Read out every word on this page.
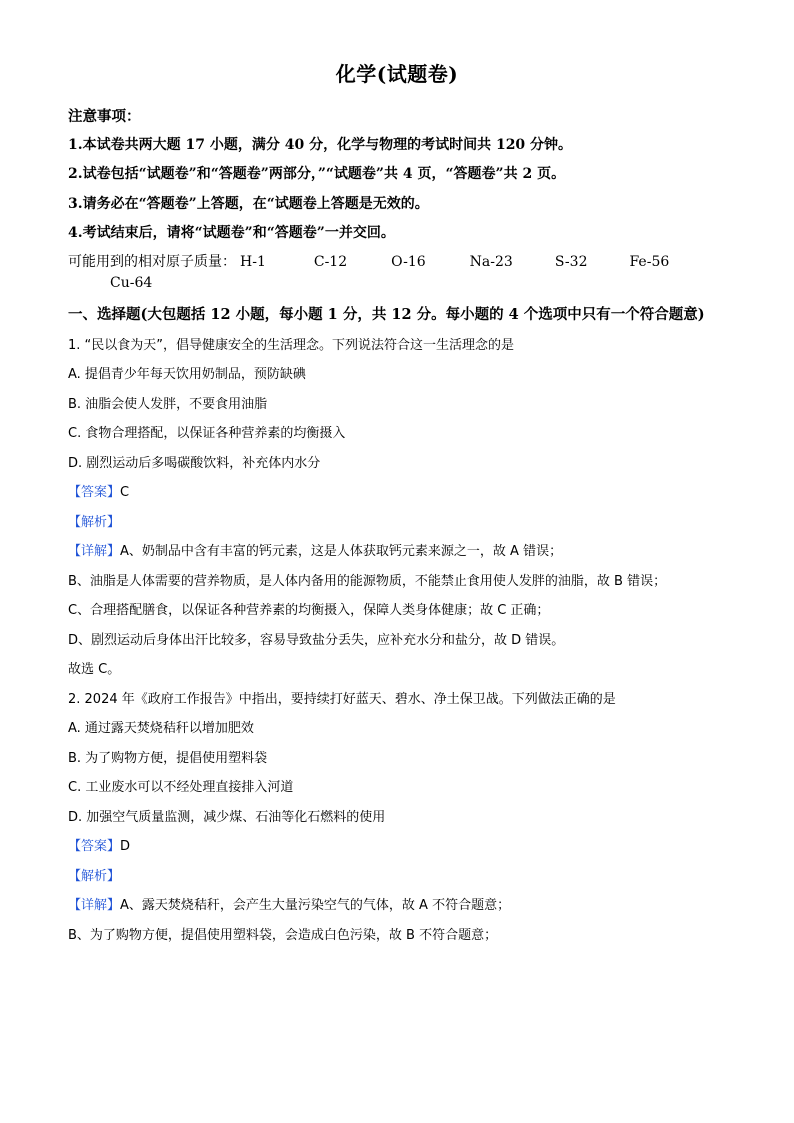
化学(试题卷)
注意事项：
1.本试卷共两大题 17 小题，满分 40 分，化学与物理的考试时间共 120 分钟。
2.试卷包括“试题卷”和“答题卷”两部分，”“试题卷”共 4 页，“答题卷”共 2 页。
3.请务必在“答题卷”上答题，在“试题卷上答题是无效的。
4.考试结束后，请将“试题卷”和“答题卷”一并交回。
可能用到的相对原子质量： H-1	C-12	O-16	Na-23	S-32	Fe-56Cu-64
一、选择题(大包题括 12 小题，每小题 1 分，共 12 分。每小题的 4 个选项中只有一个符合题意)
1. “民以食为天”，倡导健康安全的生活理念。下列说法符合这一生活理念的是
A. 提倡青少年每天饮用奶制品，预防缺碘
B. 油脂会使人发胖，不要食用油脂
C. 食物合理搭配，以保证各种营养素的均衡摄入
D. 剧烈运动后多喝碳酸饮料，补充体内水分
【答案】C
【解析】
【详解】A、奶制品中含有丰富的钙元素，这是人体获取钙元素来源之一，故 A 错误；
B、油脂是人体需要的营养物质，是人体内备用的能源物质，不能禁止食用使人发胖的油脂，故 B 错误；
C、合理搭配膳食，以保证各种营养素的均衡摄入，保障人类身体健康；故 C 正确；
D、剧烈运动后身体出汗比较多，容易导致盐分丢失，应补充水分和盐分，故 D 错误。
故选 C。
2. 2024 年《政府工作报告》中指出，要持续打好蓝天、碧水、净土保卫战。下列做法正确的是
A. 通过露天焚烧秸秆以增加肥效
B. 为了购物方便，提倡使用塑料袋
C. 工业废水可以不经处理直接排入河道
D. 加强空气质量监测，减少煤、石油等化石燃料的使用
【答案】D
【解析】
【详解】A、露天焚烧秸秆，会产生大量污染空气的气体，故 A 不符合题意；
B、为了购物方便，提倡使用塑料袋，会造成白色污染，故 B 不符合题意；
